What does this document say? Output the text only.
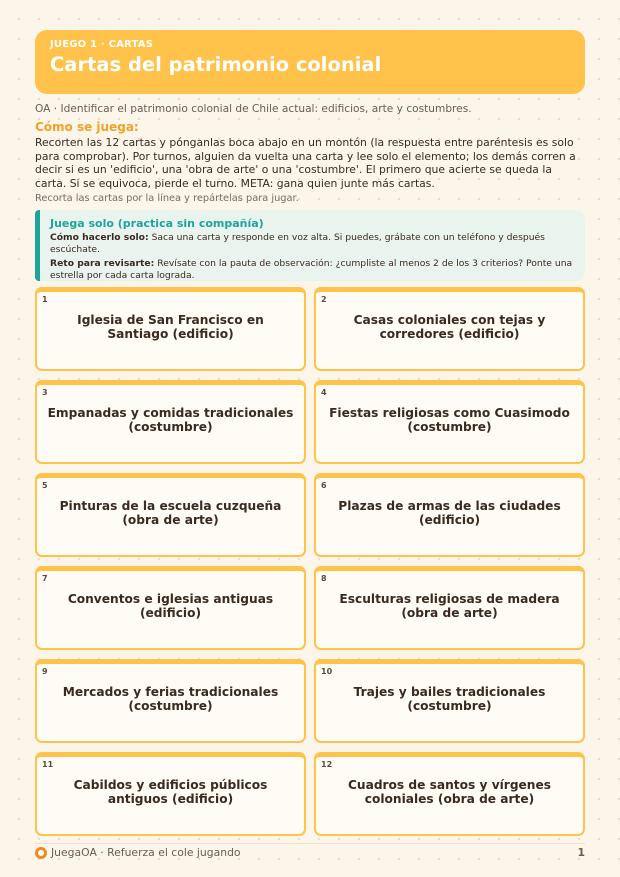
JUEGO 1 · CARTAS
Cartas del patrimonio colonial
OA · Identificar el patrimonio colonial de Chile actual: edificios, arte y costumbres.
Cómo se juega:
Recorten las 12 cartas y pónganlas boca abajo en un montón (la respuesta entre paréntesis es solo para comprobar). Por turnos, alguien da vuelta una carta y lee solo el elemento; los demás corren a decir si es un 'edificio', una 'obra de arte' o una 'costumbre'. El primero que acierte se queda la carta. Si se equivoca, pierde el turno. META: gana quien junte más cartas.
Recorta las cartas por la línea y repártelas para jugar.
Juega solo (practica sin compañía)
Cómo hacerlo solo: Saca una carta y responde en voz alta. Si puedes, grábate con un teléfono y después escúchate.
Reto para revisarte: Revísate con la pauta de observación: ¿cumpliste al menos 2 de los 3 criterios? Ponte una estrella por cada carta lograda.
1
Iglesia de San Francisco en Santiago (edificio)
2
Casas coloniales con tejas y corredores (edificio)
3
Empanadas y comidas tradicionales (costumbre)
4
Fiestas religiosas como Cuasimodo (costumbre)
5
Pinturas de la escuela cuzqueña (obra de arte)
6
Plazas de armas de las ciudades (edificio)
7
Conventos e iglesias antiguas (edificio)
8
Esculturas religiosas de madera (obra de arte)
9
Mercados y ferias tradicionales (costumbre)
10
Trajes y bailes tradicionales (costumbre)
11
Cabildos y edificios públicos antiguos (edificio)
12
Cuadros de santos y vírgenes coloniales (obra de arte)
JuegaOA · Refuerza el cole jugando	1
